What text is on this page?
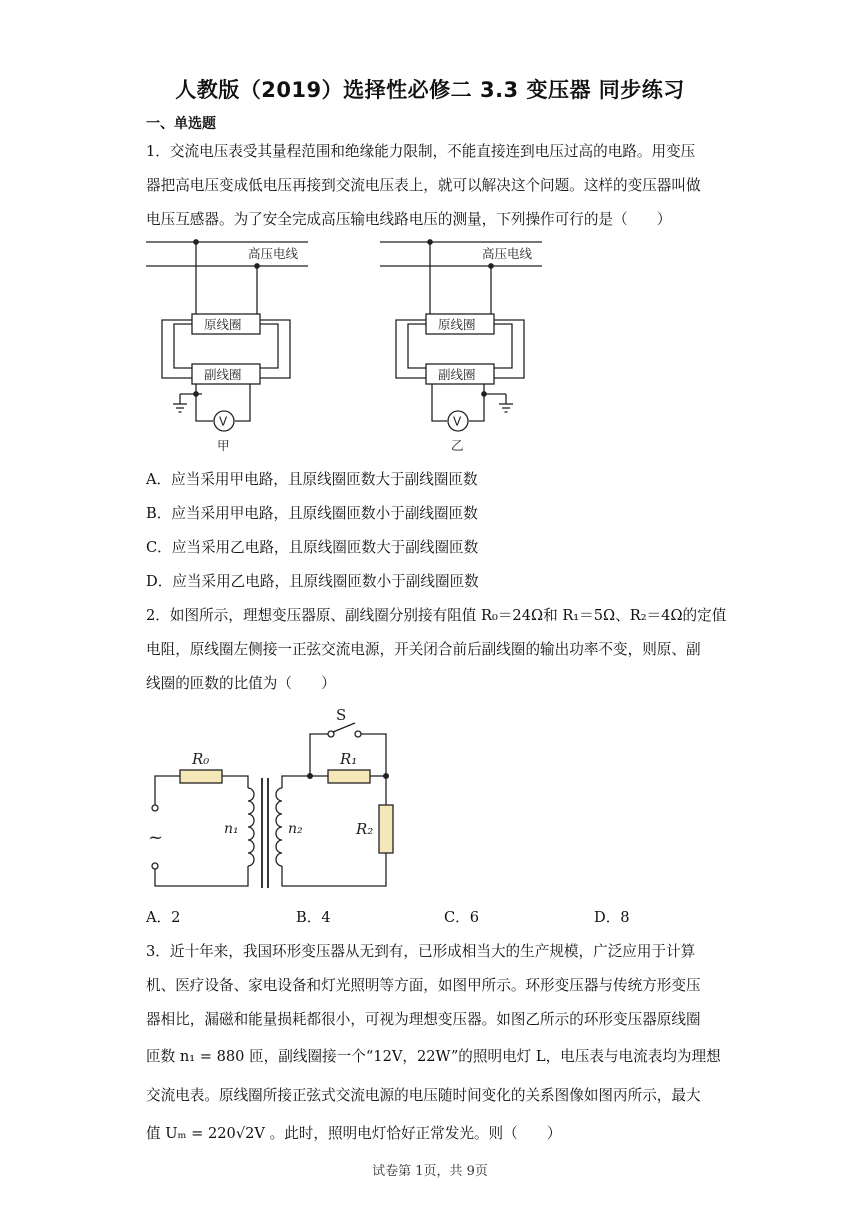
人教版（2019）选择性必修二 3.3 变压器 同步练习
一、单选题
1．交流电压表受其量程范围和绝缘能力限制，不能直接连到电压过高的电路。用变压
器把高电压变成低电压再接到交流电压表上，就可以解决这个问题。这样的变压器叫做
电压互感器。为了安全完成高压输电线路电压的测量，下列操作可行的是（　　）
高压电线	高压电线
原线圈
副线圈
原线圈
副线圈
V	V
甲	乙
A．应当采用甲电路，且原线圈匝数大于副线圈匝数
B．应当采用甲电路，且原线圈匝数小于副线圈匝数
C．应当采用乙电路，且原线圈匝数大于副线圈匝数
D．应当采用乙电路，且原线圈匝数小于副线圈匝数
2．如图所示，理想变压器原、副线圈分别接有阻值 R₀＝24Ω和 R₁＝5Ω、R₂＝4Ω的定值
电阻，原线圈左侧接一正弦交流电源，开关闭合前后副线圈的输出功率不变，则原、副
线圈的匝数的比值为（　　）
S
R₀	R₁
R₂
n₁	n₂
~
A．2	B．4	C．6	D．8
3．近十年来，我国环形变压器从无到有，已形成相当大的生产规模，广泛应用于计算
机、医疗设备、家电设备和灯光照明等方面，如图甲所示。环形变压器与传统方形变压
器相比，漏磁和能量损耗都很小，可视为理想变压器。如图乙所示的环形变压器原线圈
匝数 n₁ = 880 匝，副线圈接一个“12V，22W”的照明电灯 L，电压表与电流表均为理想
交流电表。原线圈所接正弦式交流电源的电压随时间变化的关系图像如图丙所示，最大
值 Uₘ = 220√2V 。此时，照明电灯恰好正常发光。则（　　）
试卷第 1页，共 9页
